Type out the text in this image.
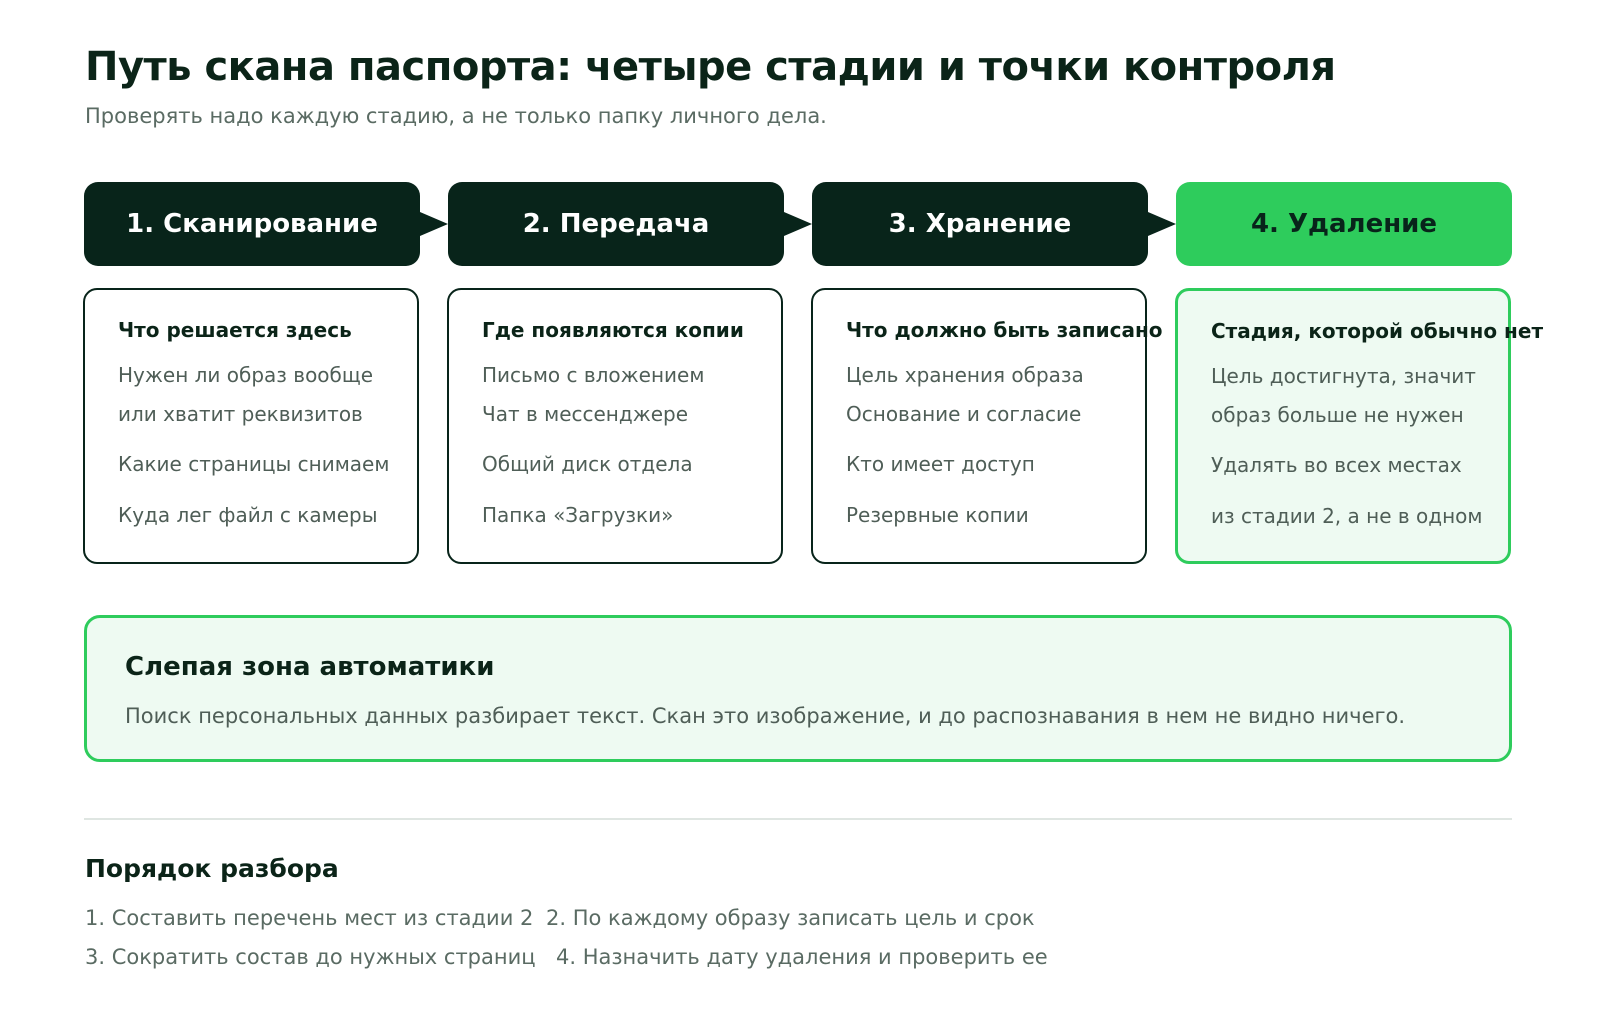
Путь скана паспорта: четыре стадии и точки контроля
Проверять надо каждую стадию, а не только папку личного дела.
1. Сканирование	2. Передача	3. Хранение	4. Удаление
Что решается здесь
Нужен ли образ вообще
или хватит реквизитов
Какие страницы снимаем
Куда лег файл с камеры
Где появляются копии
Письмо с вложением
Чат в мессенджере
Общий диск отдела
Папка «Загрузки»
Что должно быть записано
Цель хранения образа
Основание и согласие
Кто имеет доступ
Резервные копии
Стадия, которой обычно нет
Цель достигнута, значит
образ больше не нужен
Удалять во всех местах
из стадии 2, а не в одном
Слепая зона автоматики
Поиск персональных данных разбирает текст. Скан это изображение, и до распознавания в нем не видно ничего.
Порядок разбора
1. Составить перечень мест из стадии 2 2. По каждому образу записать цель и срок
3. Сократить состав до нужных страниц 4. Назначить дату удаления и проверить ее
